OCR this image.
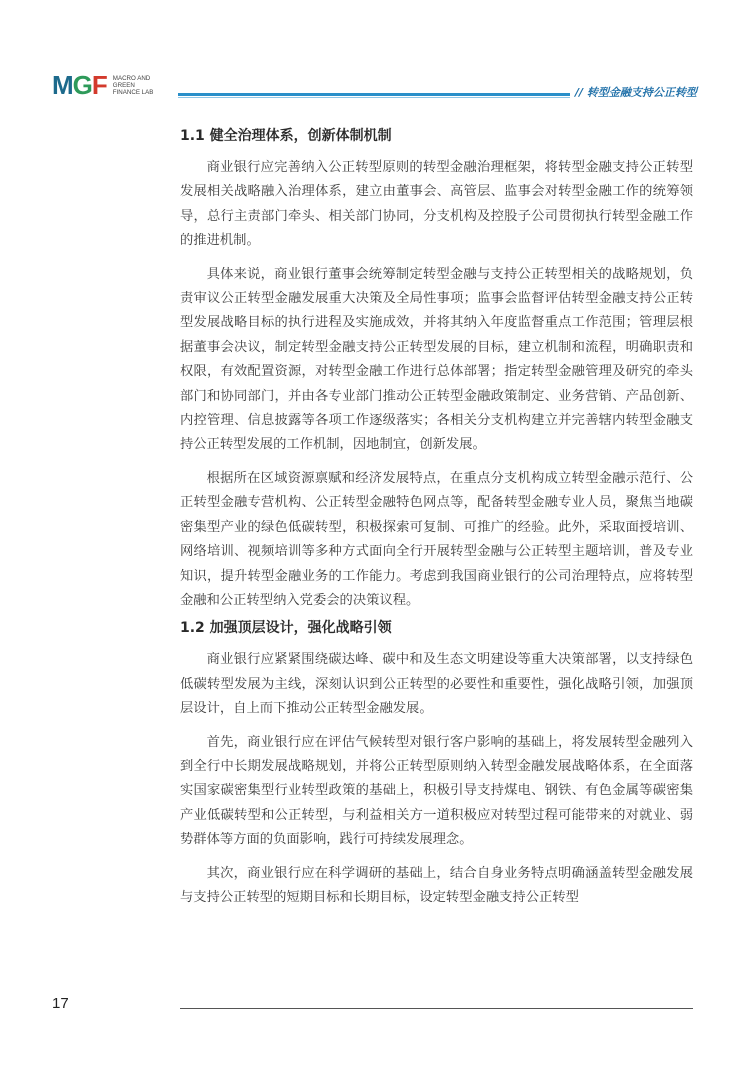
MGF MACRO AND
GREEN
FINANCE LAB	// 转型金融支持公正转型
1.1 健全治理体系，创新体制机制

商业银行应完善纳入公正转型原则的转型金融治理框架，将转型金融支持公正转型发展相关战略融入治理体系，建立由董事会、高管层、监事会对转型金融工作的统筹领导，总行主责部门牵头、相关部门协同，分支机构及控股子公司贯彻执行转型金融工作的推进机制。

具体来说，商业银行董事会统筹制定转型金融与支持公正转型相关的战略规划，负责审议公正转型金融发展重大决策及全局性事项；监事会监督评估转型金融支持公正转型发展战略目标的执行进程及实施成效，并将其纳入年度监督重点工作范围；管理层根据董事会决议，制定转型金融支持公正转型发展的目标，建立机制和流程，明确职责和权限，有效配置资源，对转型金融工作进行总体部署；指定转型金融管理及研究的牵头部门和协同部门，并由各专业部门推动公正转型金融政策制定、业务营销、产品创新、内控管理、信息披露等各项工作逐级落实；各相关分支机构建立并完善辖内转型金融支持公正转型发展的工作机制，因地制宜，创新发展。

根据所在区域资源禀赋和经济发展特点，在重点分支机构成立转型金融示范行、公正转型金融专营机构、公正转型金融特色网点等，配备转型金融专业人员，聚焦当地碳密集型产业的绿色低碳转型，积极探索可复制、可推广的经验。此外，采取面授培训、网络培训、视频培训等多种方式面向全行开展转型金融与公正转型主题培训，普及专业知识，提升转型金融业务的工作能力。考虑到我国商业银行的公司治理特点，应将转型金融和公正转型纳入党委会的决策议程。

1.2 加强顶层设计，强化战略引领

商业银行应紧紧围绕碳达峰、碳中和及生态文明建设等重大决策部署，以支持绿色低碳转型发展为主线，深刻认识到公正转型的必要性和重要性，强化战略引领，加强顶层设计，自上而下推动公正转型金融发展。

首先，商业银行应在评估气候转型对银行客户影响的基础上，将发展转型金融列入到全行中长期发展战略规划，并将公正转型原则纳入转型金融发展战略体系，在全面落实国家碳密集型行业转型政策的基础上，积极引导支持煤电、钢铁、有色金属等碳密集产业低碳转型和公正转型，与利益相关方一道积极应对转型过程可能带来的对就业、弱势群体等方面的负面影响，践行可持续发展理念。

其次，商业银行应在科学调研的基础上，结合自身业务特点明确涵盖转型金融发展与支持公正转型的短期目标和长期目标，设定转型金融支持公正转型

17
